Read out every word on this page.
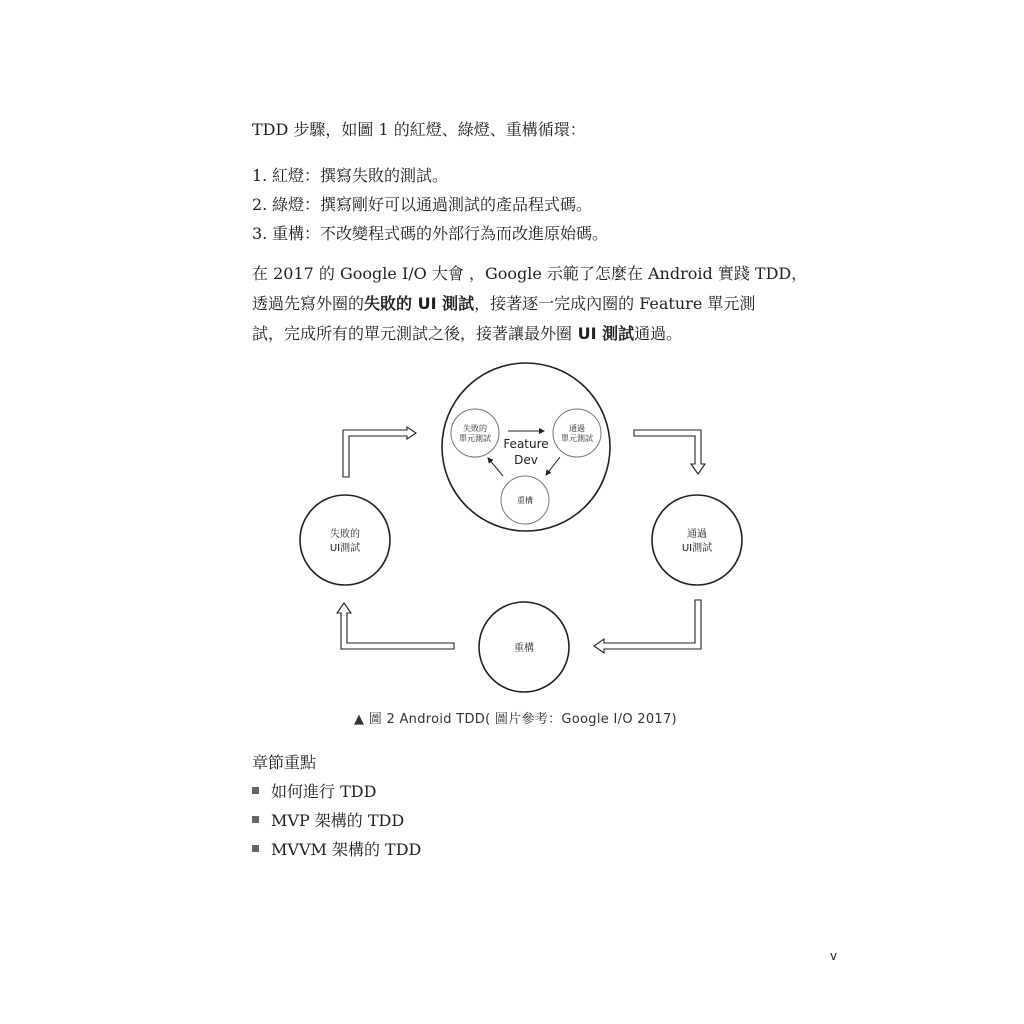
TDD 步驟，如圖 1 的紅燈、綠燈、重構循環：

1. 紅燈：撰寫失敗的測試。
2. 綠燈：撰寫剛好可以通過測試的產品程式碼。
3. 重構：不改變程式碼的外部行為而改進原始碼。

在 2017 的 Google I/O 大會 ，Google 示範了怎麼在 Android 實踐 TDD，
透過先寫外圈的失敗的 UI 測試，接著逐一完成內圈的 Feature 單元測
試，完成所有的單元測試之後，接著讓最外圈 UI 測試通過。

失敗的
單元測試
通過
單元測試
重構
Feature
Dev
失敗的
UI測試
通過
UI測試
重構

▲ 圖 2 Android TDD( 圖片參考：Google I/O 2017)

章節重點
如何進行 TDD
MVP 架構的 TDD
MVVM 架構的 TDD

v
